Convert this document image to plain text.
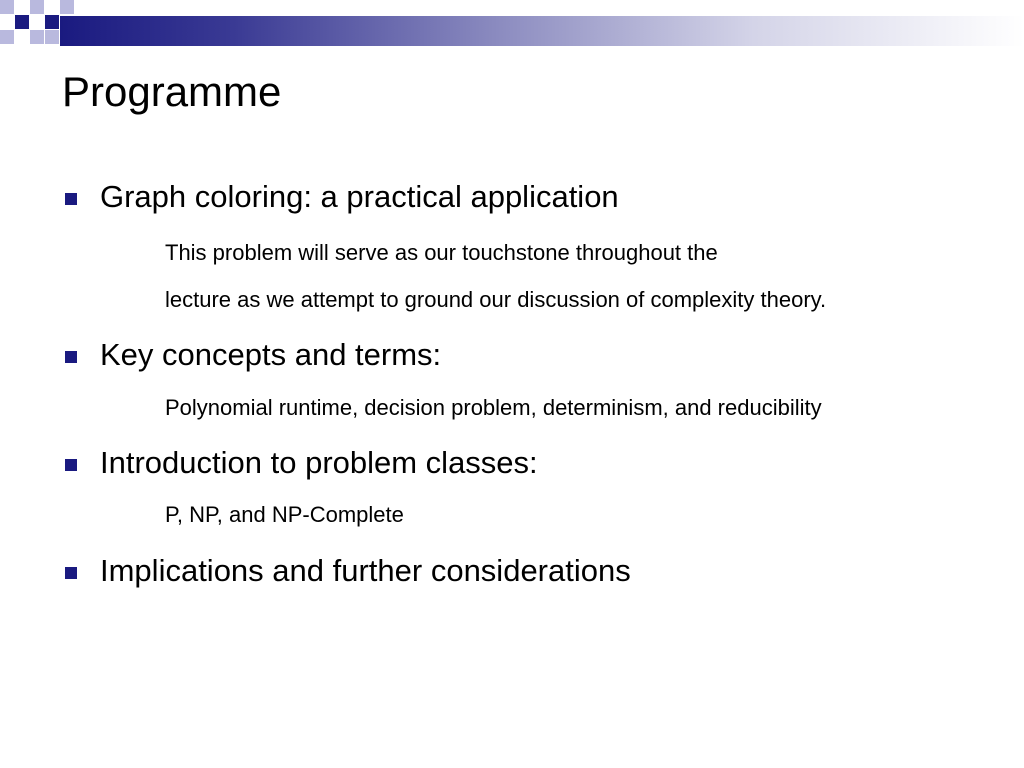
Programme
Graph coloring: a practical application
This problem will serve as our touchstone throughout the
lecture as we attempt to ground our discussion of complexity theory.
Key concepts and terms:
Polynomial runtime, decision problem, determinism, and reducibility
Introduction to problem classes:
P, NP, and NP-Complete
Implications and further considerations
